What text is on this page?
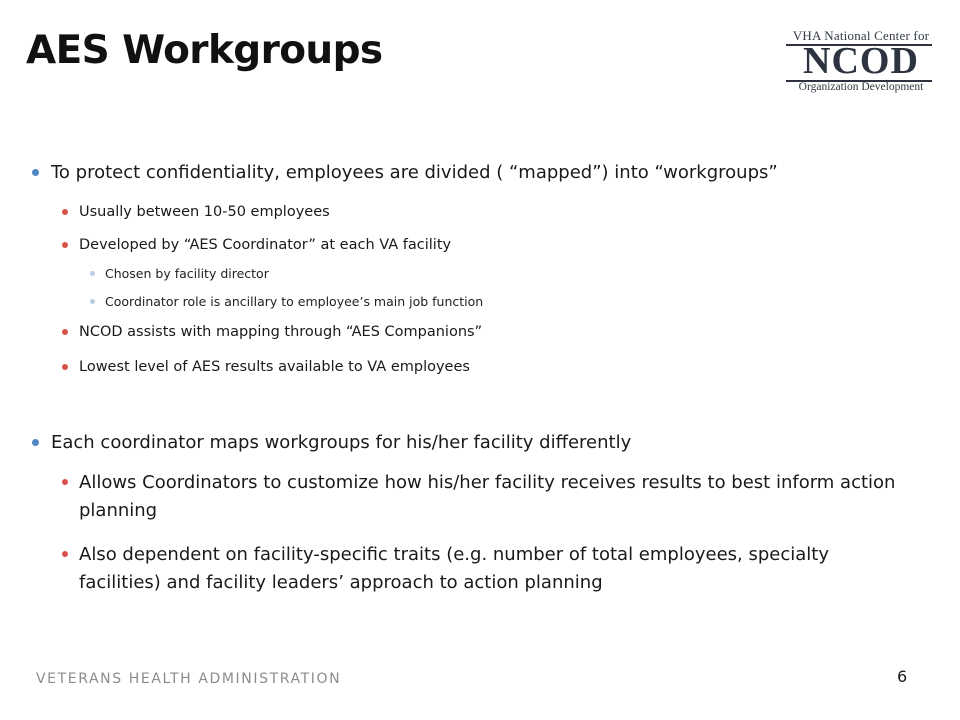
AES Workgroups	VHA National Center for
NCOD
Organization Development
To protect confidentiality, employees are divided ( “mapped”) into “workgroups”
Usually between 10-50 employees
Developed by “AES Coordinator” at each VA facility
Chosen by facility director
Coordinator role is ancillary to employee’s main job function
NCOD assists with mapping through “AES Companions”
Lowest level of AES results available to VA employees
Each coordinator maps workgroups for his/her facility differently
Allows Coordinators to customize how his/her facility receives results to best inform action planning
Also dependent on facility-specific traits (e.g. number of total employees, specialty facilities) and facility leaders’ approach to action planning
VETERANS HEALTH ADMINISTRATION	6
